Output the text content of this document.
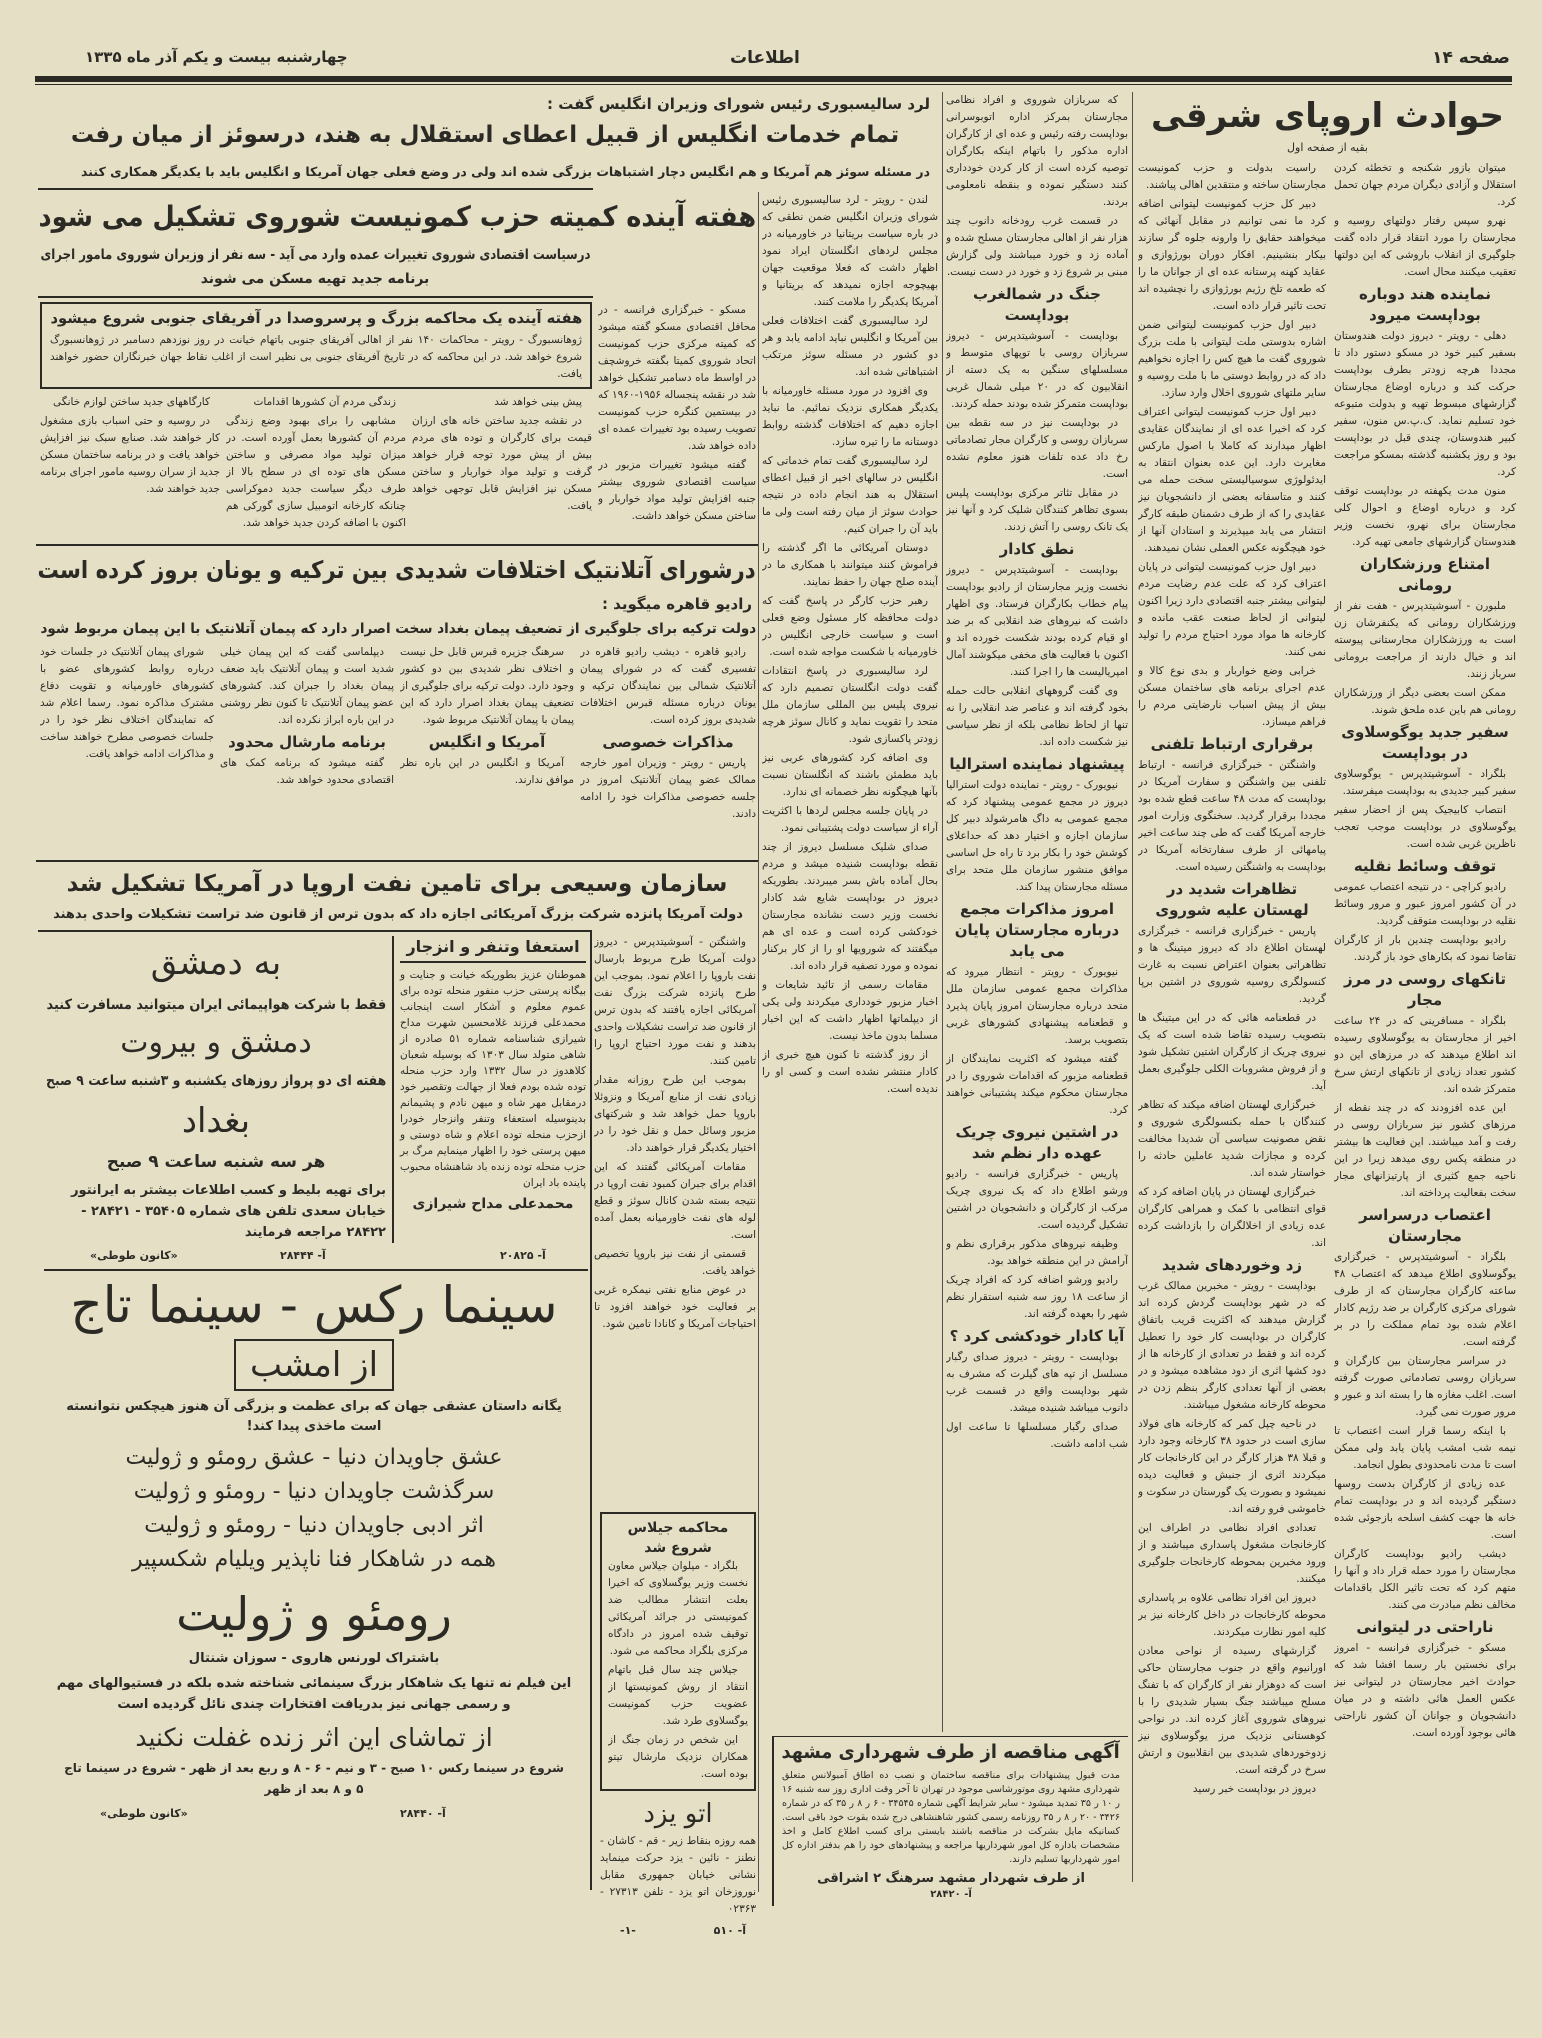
صفحه ۱۴
اطلاعات
چهارشنبه بیست و یکم آذر ماه ۱۳۳۵
حوادث اروپای شرقی
بقیه از صفحه اول

میتوان بازور شکنجه و تخطئه کردن استقلال و آزادی دیگران مردم جهان تحمل کرد.

نهرو سپس رفتار دولتهای روسیه و مجارستان را مورد انتقاد قرار داده گفت جلوگیری از انقلاب باروشی که این دولتها تعقیب میکنند محال است.

نماینده هند دوباره بوداپست میرود

دهلی - رویتر - دیروز دولت هندوستان بسفیر کبیر خود در مسکو دستور داد تا مجددا هرچه زودتر بطرف بوداپست حرکت کند و درباره اوضاع مجارستان گزارشهای مبسوط تهیه و بدولت متبوعه خود تسلیم نماید. ک.پ.س منون، سفیر کبیر هندوستان، چندی قبل در بوداپست بود و روز یکشنبه گذشته بمسکو مراجعت کرد.

منون مدت یکهفته در بوداپست توقف کرد و درباره اوضاع و احوال کلی مجارستان برای نهرو، نخست وزیر هندوستان گزارشهای جامعی تهیه کرد.

امتناع ورزشکاران رومانی

ملبورن - آسوشیتدپرس - هفت نفر از ورزشکاران رومانی که یکنفرشان زن است به ورزشکاران مجارستانی پیوسته اند و خیال دارند از مراجعت برومانی سرباز زنند.

ممکن است بعضی دیگر از ورزشکاران رومانی هم باین عده ملحق شوند.

سفیر جدید یوگوسلاوی در بوداپست

بلگراد - آسوشیتدپرس - یوگوسلاوی سفیر کبیر جدیدی به بوداپست میفرستد.

انتصاب کابیجیک پس از احضار سفیر یوگوسلاوی در بوداپست موجب تعجب ناظرین غربی شده است.

توقف وسائط نقلیه

رادیو کراچی - در نتیجه اعتصاب عمومی در آن کشور امروز عبور و مرور وسائط نقلیه در بوداپست متوقف گردید.

رادیو بوداپست چندین بار از کارگران تقاضا نمود که بکارهای خود باز گردند.

تانکهای روسی در مرز مجار

بلگراد - مسافرینی که در ۲۴ ساعت اخیر از مجارستان به یوگوسلاوی رسیده اند اطلاع میدهند که در مرزهای این دو کشور تعداد زیادی از تانکهای ارتش سرخ متمرکز شده اند.

این عده افزودند که در چند نقطه از مرزهای کشور نیز سربازان روسی در رفت و آمد میباشند. این فعالیت ها بیشتر در منطقه پکس روی میدهد زیرا در این ناحیه جمع کثیری از پارتیزانهای مجار سخت بفعالیت پرداخته اند.

اعتصاب درسراسر مجارستان

بلگراد - آسوشیتدپرس - خبرگزاری یوگوسلاوی اطلاع میدهد که اعتصاب ۴۸ ساعته کارگران مجارستان که از طرف شورای مرکزی کارگران بر ضد رژیم کادار اعلام شده بود تمام مملکت را در بر گرفته است.

در سراسر مجارستان بین کارگران و سربازان روسی تصادماتی صورت گرفته است. اغلب مغازه ها را بسته اند و عبور و مرور صورت نمی گیرد.

با اینکه رسما قرار است اعتصاب تا نیمه شب امشب پایان یابد ولی ممکن است تا مدت نامحدودی بطول انجامد.

عده زیادی از کارگران بدست روسها دستگیر گردیده اند و در بوداپست تمام خانه ها جهت کشف اسلحه بازجوئی شده است.

دیشب رادیو بوداپست کارگران مجارستان را مورد حمله قرار داد و آنها را متهم کرد که تحت تاثیر الکل باقدامات مخالف نظم مبادرت می کنند.

ناراحتی در لیتوانی

مسکو - خبرگزاری فرانسه - امروز برای نخستین بار رسما افشا شد که حوادث اخیر مجارستان در لیتوانی نیز عکس العمل هائی داشته و در میان دانشجویان و جوانان آن کشور ناراحتی هائی بوجود آورده است.

راسیت بدولت و حزب کمونیست مجارستان ساخته و منتقدین اهالی پیاشند.

دبیر کل حزب کمونیست لیتوانی اضافه کرد ما نمی توانیم در مقابل آنهائی که میخواهند حقایق را وارونه جلوه گر سازند بیکار بنشینیم. افکار دوران بورژوازی و عقاید کهنه پرستانه عده ای از جوانان ما را که طعمه تلخ رژیم بورژوازی را نچشیده اند تحت تاثیر قرار داده است.

دبیر اول حزب کمونیست لیتوانی ضمن اشاره بدوستی ملت لیتوانی با ملت بزرگ شوروی گفت ما هیچ کس را اجازه نخواهیم داد که در روابط دوستی ما با ملت روسیه و سایر ملتهای شوروی اخلال وارد سازد.

دبیر اول حزب کمونیست لیتوانی اعتراف کرد که اخیرا عده ای از نمایندگان عقایدی اظهار میدارند که کاملا با اصول مارکس مغایرت دارد. این عده بعنوان انتقاد به ایدئولوژی سوسیالیستی سخت حمله می کنند و متاسفانه بعضی از دانشجویان نیز عقایدی را که از طرف دشمنان طبقه کارگر انتشار می یابد میپذیرند و استادان آنها از خود هیچگونه عکس العملی نشان نمیدهند.

دبیر اول حزب کمونیست لیتوانی در پایان اعتراف کرد که علت عدم رضایت مردم لیتوانی بیشتر جنبه اقتصادی دارد زیرا اکنون لیتوانی از لحاظ صنعت عقب مانده و کارخانه ها مواد مورد احتیاج مردم را تولید نمی کنند.

خرابی وضع خواربار و بدی نوع کالا و عدم اجرای برنامه های ساختمان مسکن بیش از پیش اسباب نارضایتی مردم را فراهم میسازد.

برقراری ارتباط تلفنی

واشنگتن - خبرگزاری فرانسه - ارتباط تلفنی بین واشنگتن و سفارت آمریکا در بوداپست که مدت ۴۸ ساعت قطع شده بود مجددا برقرار گردید. سخنگوی وزارت امور خارجه آمریکا گفت که طی چند ساعت اخیر پیامهائی از طرف سفارتخانه آمریکا در بوداپست به واشنگتن رسیده است.

تظاهرات شدید در لهستان علیه شوروی

پاریس - خبرگزاری فرانسه - خبرگزاری لهستان اطلاع داد که دیروز میتینگ ها و تظاهراتی بعنوان اعتراض نسبت به غارت کنسولگری روسیه شوروی در اشتین برپا گردید.

در قطعنامه هائی که در این میتینگ ها بتصویب رسیده تقاضا شده است که یک نیروی چریک از کارگران اشتین تشکیل شود و از فروش مشروبات الکلی جلوگیری بعمل آید.

خبرگزاری لهستان اضافه میکند که تظاهر کنندگان با حمله بکنسولگری شوروی و نقض مصونیت سیاسی آن شدیدا مخالفت کرده و مجازات شدید عاملین حادثه را خواستار شده اند.

خبرگزاری لهستان در پایان اضافه کرد که قوای انتظامی با کمک و همراهی کارگران عده زیادی از اخلالگران را بازداشت کرده اند.

زد وخوردهای شدید

بوداپست - رویتر - مخبرین ممالک غرب که در شهر بوداپست گردش کرده اند گزارش میدهند که اکثریت قریب باتفاق کارگران در بوداپست کار خود را تعطیل کرده اند و فقط در تعدادی از کارخانه ها از دود کشها اثری از دود مشاهده میشود و در بعضی از آنها تعدادی کارگر بنظم زدن در محوطه کارخانه مشغول میباشند.

در ناحیه چپل کمر که کارخانه های فولاد سازی است در حدود ۳۸ کارخانه وجود دارد و قبلا ۳۸ هزار کارگر در این کارخانجات کار میکردند اثری از جنبش و فعالیت دیده نمیشود و بصورت یک گورستان در سکوت و خاموشی فرو رفته اند.

تعدادی افراد نظامی در اطراف این کارخانجات مشغول پاسداری میباشند و از ورود مخبرین بمحوطه کارخانجات جلوگیری میکنند.

دیروز این افراد نظامی علاوه بر پاسداری محوطه کارخانجات در داخل کارخانه نیز بر کلیه امور نظارت میکردند.

گزارشهای رسیده از نواحی معادن اورانیوم واقع در جنوب مجارستان حاکی است که دوهزار نفر از کارگران که با تفنگ مسلح میباشند جنگ بسیار شدیدی را با نیروهای شوروی آغاز کرده اند. در نواحی کوهستانی نزدیک مرز یوگوسلاوی نیز زدوخوردهای شدیدی بین انقلابیون و ارتش سرخ در گرفته است.

دیروز در بوداپست خبر رسید

که سربازان شوروی و افراد نظامی مجارستان بمرکز اداره اتوبوسرانی بوداپست رفته رئیس و عده ای از کارگران اداره مذکور را باتهام اینکه بکارگران توصیه کرده است از کار کردن خودداری کنند دستگیر نموده و بنقطه نامعلومی بردند.

در قسمت غرب رودخانه دانوب چند هزار نفر از اهالی مجارستان مسلح شده و آماده زد و خورد میباشند ولی گزارش مبنی بر شروع زد و خورد در دست نیست.

جنگ در شمالغرب بوداپست

بوداپست - آسوشیتدپرس - دیروز سربازان روسی با توپهای متوسط و مسلسلهای سنگین به یک دسته از انقلابیون که در ۲۰ میلی شمال غربی بوداپست متمرکز شده بودند حمله کردند.

در بوداپست نیز در سه نقطه بین سربازان روسی و کارگران مجار تصادماتی رخ داد عده تلفات هنوز معلوم نشده است.

در مقابل تئاتر مرکزی بوداپست پلیس بسوی تظاهر کنندگان شلیک کرد و آنها نیز یک تانک روسی را آتش زدند.

نطق کادار

بوداپست - آسوشیتدپرس - دیروز نخست وزیر مجارستان از رادیو بوداپست پیام خطاب بکارگران فرستاد. وی اظهار داشت که نیروهای ضد انقلابی که بر ضد او قیام کرده بودند شکست خورده اند و اکنون با فعالیت های مخفی میکوشند آمال امپریالیست ها را اجرا کنند.

وی گفت گروههای انقلابی حالت حمله بخود گرفته اند و عناصر ضد انقلابی را نه تنها از لحاظ نظامی بلکه از نظر سیاسی نیز شکست داده اند.

پیشنهاد نماینده استرالیا

نیویورک - رویتر - نماینده دولت استرالیا دیروز در مجمع عمومی پیشنهاد کرد که مجمع عمومی به داگ هامرشولد دبیر کل سازمان اجازه و اختیار دهد که حداعلای کوشش خود را بکار برد تا راه حل اساسی موافق منشور سازمان ملل متحد برای مسئله مجارستان پیدا کند.

امروز مذاکرات مجمع درباره مجارستان پایان می یابد

نیویورک - رویتر - انتظار میرود که مذاکرات مجمع عمومی سازمان ملل متحد درباره مجارستان امروز پایان پذیرد و قطعنامه پیشنهادی کشورهای غربی بتصویب برسد.

گفته میشود که اکثریت نمایندگان از قطعنامه مزبور که اقدامات شوروی را در مجارستان محکوم میکند پشتیبانی خواهند کرد.

در اشتین نیروی چریک عهده دار نظم شد

پاریس - خبرگزاری فرانسه - رادیو ورشو اطلاع داد که یک نیروی چریک مرکب از کارگران و دانشجویان در اشتین تشکیل گردیده است.

وظیفه نیروهای مذکور برقراری نظم و آرامش در این منطقه خواهد بود.

رادیو ورشو اضافه کرد که افراد چریک از ساعت ۱۸ روز سه شنبه استقرار نظم شهر را بعهده گرفته اند.

آیا کادار خودکشی کرد ؟

بوداپست - رویتر - دیروز صدای رگبار مسلسل از تپه های گیلرت که مشرف به شهر بوداپست واقع در قسمت غرب دانوب میباشد شنیده میشد.

صدای رگبار مسلسلها تا ساعت اول شب ادامه داشت.

لندن - رویتر - لرد سالیسبوری رئیس شورای وزیران انگلیس ضمن نطقی که در باره سیاست بریتانیا در خاورمیانه در مجلس لردهای انگلستان ایراد نمود اظهار داشت که فعلا موقعیت جهان بهیچوجه اجازه نمیدهد که بریتانیا و آمریکا یکدیگر را ملامت کنند.

لرد سالیسبوری گفت اختلافات فعلی بین آمریکا و انگلیس نباید ادامه یابد و هر دو کشور در مسئله سوئز مرتکب اشتباهاتی شده اند.

وی افزود در مورد مسئله خاورمیانه با یکدیگر همکاری نزدیک نمائیم. ما نباید اجازه دهیم که اختلافات گذشته روابط دوستانه ما را تیره سازد.

لرد سالیسبوری گفت تمام خدماتی که انگلیس در سالهای اخیر از قبیل اعطای استقلال به هند انجام داده در نتیجه حوادث سوئز از میان رفته است ولی ما باید آن را جبران کنیم.

دوستان آمریکائی ما اگر گذشته را فراموش کنند میتوانند با همکاری ما در آینده صلح جهان را حفظ نمایند.

رهبر حزب کارگر در پاسخ گفت که دولت محافظه کار مسئول وضع فعلی است و سیاست خارجی انگلیس در خاورمیانه با شکست مواجه شده است.

لرد سالیسبوری در پاسخ انتقادات گفت دولت انگلستان تصمیم دارد که نیروی پلیس بین المللی سازمان ملل متحد را تقویت نماید و کانال سوئز هرچه زودتر پاکسازی شود.

وی اضافه کرد کشورهای عربی نیز باید مطمئن باشند که انگلستان نسبت بآنها هیچگونه نظر خصمانه ای ندارد.

در پایان جلسه مجلس لردها با اکثریت آراء از سیاست دولت پشتیبانی نمود.

صدای شلیک مسلسل دیروز از چند نقطه بوداپست شنیده میشد و مردم بحال آماده باش بسر میبردند. بطوریکه دیروز در بوداپست شایع شد کادار نخست وزیر دست نشانده مجارستان خودکشی کرده است و عده ای هم میگفتند که شورویها او را از کار برکنار نموده و مورد تصفیه قرار داده اند.

مقامات رسمی از تائید شایعات و اخبار مزبور خودداری میکردند ولی یکی از دیپلماتها اظهار داشت که این اخبار مسلما بدون ماخذ نیست.

از روز گذشته تا کنون هیچ خبری از کادار منتشر نشده است و کسی او را ندیده است.

لرد سالیسبوری رئیس شورای وزیران انگلیس گفت :
تمام خدمات انگلیس از قبیل اعطای استقلال به هند، درسوئز از میان رفت
در مسئله سوئز هم آمریکا و هم انگلیس دچار اشتباهات بزرگی شده اند ولی در وضع فعلی جهان آمریکا و انگلیس باید با یکدیگر همکاری کنند
هفته آینده کمیته حزب کمونیست شوروی تشکیل می شود
درسیاست اقتصادی شوروی تغییرات عمده وارد می آید - سه نفر از وزیران شوروی مامور اجرای
برنامه جدید تهیه مسکن می شوند

مسکو - خبرگزاری فرانسه - در محافل اقتصادی مسکو گفته میشود که کمیته مرکزی حزب کمونیست اتحاد شوروی کمیتا بگفته خروشچف در اواسط ماه دسامبر تشکیل خواهد شد در نقشه پنجساله ۱۹۵۶-۱۹۶۰ که در بیستمین کنگره حزب کمونیست تصویب رسیده بود تغییرات عمده ای داده خواهد شد.

گفته میشود تغییرات مزبور در سیاست اقتصادی شوروی بیشتر جنبه افزایش تولید مواد خواربار و ساختن مسکن خواهد داشت.

هفته آینده یک محاکمه بزرگ و پرسروصدا در آفریقای جنوبی شروع میشود
ژوهانسبورگ - رویتر - محاکمات ۱۴۰ نفر از اهالی آفریقای جنوبی باتهام خیانت در روز نوزدهم دسامبر در ژوهانسبورگ شروع خواهد شد. در این محاکمه که در تاریخ آفریقای جنوبی بی نظیر است از اغلب نقاط جهان خبرنگاران حضور خواهند یافت.

پیش بینی خواهد شد

در نقشه جدید ساختن خانه های ارزان قیمت برای کارگران و توده های مردم بیش از پیش مورد توجه قرار خواهد گرفت و تولید مواد خواربار و ساختن مسکن نیز افزایش قابل توجهی خواهد یافت.

زندگی مردم آن کشورها اقدامات

مشابهی را برای بهبود وضع زندگی مردم آن کشورها بعمل آورده است. در میزان تولید مواد مصرفی و ساختن مسکن های توده ای در سطح بالا از طرف دیگر سیاست جدید دموکراسی چنانکه کارخانه اتومبیل سازی گورکی هم اکنون با اضافه کردن جدید خواهد شد.

کارگاههای جدید ساختن لوازم خانگی

در روسیه و حتی اسباب بازی مشغول کار خواهند شد. صنایع سبک نیز افزایش خواهد یافت و در برنامه ساختمان مسکن جدید از سران روسیه مامور اجرای برنامه جدید خواهند شد.

درشورای آتلانتیک اختلافات شدیدی بین ترکیه و یونان بروز کرده است
رادیو قاهره میگوید :
دولت ترکیه برای جلوگیری از تضعیف پیمان بغداد سخت اصرار دارد که پیمان آتلانتیک با این پیمان مربوط شود

رادیو قاهره - دیشب رادیو قاهره در تفسیری گفت که در شورای پیمان آتلانتیک شمالی بین نمایندگان ترکیه و یونان درباره مسئله قبرس اختلافات شدیدی بروز کرده است.

مذاکرات خصوصی

پاریس - رویتر - وزیران امور خارجه ممالک عضو پیمان آتلانتیک امروز در جلسه خصوصی مذاکرات خود را ادامه دادند.

سرهنگ جزیره قبرس قابل حل نیست و اختلاف نظر شدیدی بین دو کشور وجود دارد. دولت ترکیه برای جلوگیری از تضعیف پیمان بغداد اصرار دارد که این پیمان با پیمان آتلانتیک مربوط شود.

آمریکا و انگلیس

آمریکا و انگلیس در این باره نظر موافق ندارند.

دیپلماسی گفت که این پیمان خیلی شدید است و پیمان آتلانتیک باید ضعف پیمان بغداد را جبران کند. کشورهای عضو پیمان آتلانتیک تا کنون نظر روشنی در این باره ابراز نکرده اند.

برنامه مارشال محدود

گفته میشود که برنامه کمک های اقتصادی محدود خواهد شد.

شورای پیمان آتلانتیک در جلسات خود درباره روابط کشورهای عضو با کشورهای خاورمیانه و تقویت دفاع مشترک مذاکره نمود. رسما اعلام شد که نمایندگان اختلاف نظر خود را در جلسات خصوصی مطرح خواهند ساخت و مذاکرات ادامه خواهد یافت.

سازمان وسیعی برای تامین نفت اروپا در آمریکا تشکیل شد
دولت آمریکا پانزده شرکت بزرگ آمریکائی اجازه داد که بدون ترس از قانون ضد تراست تشکیلات واحدی بدهند

واشنگتن - آسوشیتدپرس - دیروز دولت آمریکا طرح مربوط بارسال نفت باروپا را اعلام نمود. بموجب این طرح پانزده شرکت بزرگ نفت آمریکائی اجازه یافتند که بدون ترس از قانون ضد تراست تشکیلات واحدی بدهند و نفت مورد احتیاج اروپا را تامین کنند.

بموجب این طرح روزانه مقدار زیادی نفت از منابع آمریکا و ونزوئلا باروپا حمل خواهد شد و شرکتهای مزبور وسائل حمل و نقل خود را در اختیار یکدیگر قرار خواهند داد.

مقامات آمریکائی گفتند که این اقدام برای جبران کمبود نفت اروپا در نتیجه بسته شدن کانال سوئز و قطع لوله های نفت خاورمیانه بعمل آمده است.

قسمتی از نفت نیز باروپا تخصیص خواهد یافت.

در عوض منابع نفتی نیمکره غربی بر فعالیت خود خواهند افزود تا احتیاجات آمریکا و کانادا تامین شود.

استعفا وتنفر و انزجار
هموطنان عزیز بطوریکه خیانت و جنایت و بیگانه پرستی حزب منفور منحله توده برای عموم معلوم و آشکار است اینجانب محمدعلی فرزند غلامحسین شهرت مداح شیرازی شناسنامه شماره ۵۱ صادره از شاهی متولد سال ۱۳۰۳ که بوسیله شعبان کلاهدوز در سال ۱۳۳۲ وارد حزب منحله توده شده بودم فعلا از جهالت وتقصیر خود درمقابل مهر شاه و میهن نادم و پشیمانم بدینوسیله استعفاء وتنفر وانزجار خودرا ازحزب منحله توده اعلام و شاه دوستی و میهن پرستی خود را اظهار مینمایم مرگ بر حزب منحله توده زنده باد شاهنشاه محبوب پاینده باد ایران
محمدعلی مداح شیرازی
به دمشق
فقط با شرکت هواپیمائی ایران میتوانید مسافرت کنید
دمشق و بیروت
هفته ای دو پرواز روزهای یکشنبه و ۳شنبه ساعت ۹ صبح
بغداد
هر سه شنبه ساعت ۹ صبح
برای تهیه بلیط و کسب اطلاعات بیشتر به ایرانتور خیابان سعدی تلفن های شماره ۳۵۴۰۵ - ۲۸۴۲۱ - ۲۸۴۲۲ مراجعه فرمایند
«کانون طوطی»	آ- ۲۸۴۴۴	آ- ۲۰۸۲۵
سینما رکس - سینما تاج
از امشب
یگانه داستان عشقی جهان که برای عظمت و بزرگی آن هنوز هیچکس نتوانسته است ماخذی پیدا کند!
عشق جاویدان دنیا - عشق رومئو و ژولیت
سرگذشت جاویدان دنیا - رومئو و ژولیت
اثر ادبی جاویدان دنیا - رومئو و ژولیت
همه در شاهکار فنا ناپذیر ویلیام شکسپیر
رومئو و ژولیت
باشتراک لورنس هاروی - سوزان شنتال
این فیلم نه تنها یک شاهکار بزرگ سینمائی شناخته شده بلکه در فستیوالهای مهم و رسمی جهانی نیز بدریافت افتخارات چندی نائل گردیده است
از تماشای این اثر زنده غفلت نکنید
شروع در سینما رکس ۱۰ صبح - ۳ و نیم - ۶ - ۸ و ربع بعد از ظهر - شروع در سینما تاج
۵ و ۸ بعد از ظهر
آ- ۲۸۴۴۰
«کانون طوطی»
محاکمه جیلاس شروع شد

بلگراد - میلوان جیلاس معاون نخست وزیر یوگسلاوی که اخیرا بعلت انتشار مطالب ضد کمونیستی در جرائد آمریکائی توقیف شده امروز در دادگاه مرکزی بلگراد محاکمه می شود.

جیلاس چند سال قبل باتهام انتقاد از روش کمونیستها از عضویت حزب کمونیست یوگسلاوی طرد شد.

این شخص در زمان جنگ از همکاران نزدیک مارشال تیتو بوده است.

اتو یزد
همه روزه بنقاط زیر - قم - کاشان - نطنز - نائین - یزد حرکت مینماید نشانی خیابان جمهوری مقابل نوروزخان اتو یزد - تلفن ۲۷۳۱۳ - ۰۲۳۶۳
آ- ۵۱۰
-۱-
آگهی مناقصه از طرف شهرداری مشهد
مدت قبول پیشنهادات برای مناقصه ساختمان و نصب ده اطاق آمبولانس متعلق شهرداری مشهد روی موتورشاسی موجود در تهران تا آخر وقت اداری روز سه شنبه ۱۶ ر ۱۰ ر ۳۵ تمدید میشود - سایر شرایط آگهی شماره ۳۴۵۴۵ - ۶ ر ۸ ر ۳۵ که در شماره ۳۴۲۶ - ۲۰ ر ۸ ر ۳۵ روزنامه رسمی کشور شاهنشاهی درج شده بقوت خود باقی است.
کسانیکه مایل بشرکت در مناقصه باشند بایستی برای کسب اطلاع کامل و اخذ مشخصات باداره کل امور شهرداریها مراجعه و پیشنهادهای خود را هم بدفتر اداره کل امور شهرداریها تسلیم دارند.
از طرف شهردار مشهد سرهنگ ۲ اشراقی
آ- ۲۸۴۲۰
